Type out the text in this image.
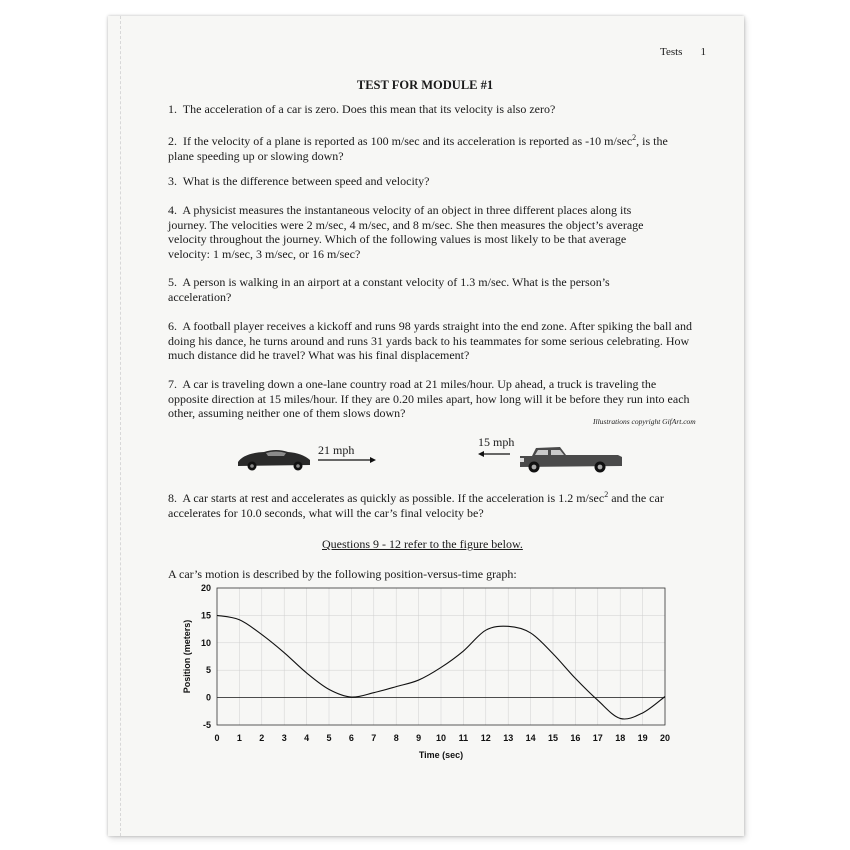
Tests 1
TEST FOR MODULE #1
1. The acceleration of a car is zero. Does this mean that its velocity is also zero?
2. If the velocity of a plane is reported as 100 m/sec and its acceleration is reported as -10 $m/\sec^2$, is the plane speeding up or slowing down?
3. What is the difference between speed and velocity?
4. A physicist measures the instantaneous velocity of an object in three different places along its journey. The velocities were 2 m/sec, 4 m/sec, and 8 m/sec. She then measures the object’s average velocity throughout the journey. Which of the following values is most likely to be that average velocity: 1 m/sec, 3 m/sec, or 16 m/sec?
5. A person is walking in an airport at a constant velocity of 1.3 m/sec. What is the person’s acceleration?
6. A football player receives a kickoff and runs 98 yards straight into the end zone. After spiking the ball and doing his dance, he turns around and runs 31 yards back to his teammates for some serious celebrating. How much distance did he travel? What was his final displacement?
7. A car is traveling down a one-lane country road at 21 miles/hour. Up ahead, a truck is traveling the opposite direction at 15 miles/hour. If they are 0.20 miles apart, how long will it be before they run into each other, assuming neither one of them slows down?
Illustrations copyright GifArt.com
21 mph
15 mph
8. A car starts at rest and accelerates as quickly as possible. If the acceleration is 1.2 $m/\sec^2$ and the car accelerates for 10.0 seconds, what will the car’s final velocity be?
Questions 9 - 12 refer to the figure below.
A car’s motion is described by the following position-versus-time graph:
0 1 2 3 4 5 6 7 8 9 10 11 12 13 14 15 16 17 18 19 20
20
15
10
5
0
-5
Time (sec)
Position (meters)
